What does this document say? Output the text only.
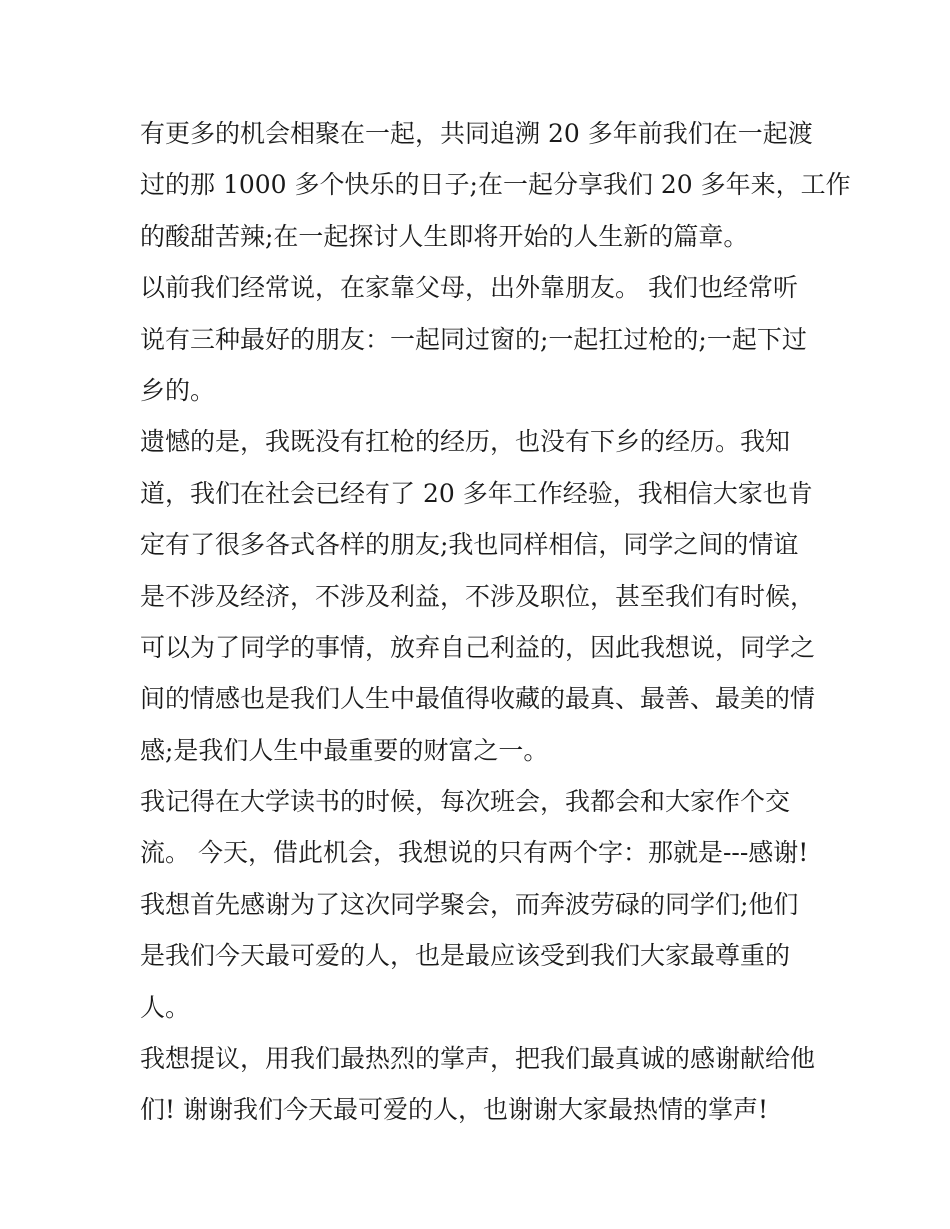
有更多的机会相聚在一起，共同追溯 20 多年前我们在一起渡
过的那 1000 多个快乐的日子;在一起分享我们 20 多年来，工作
的酸甜苦辣;在一起探讨人生即将开始的人生新的篇章。
以前我们经常说，在家靠父母，出外靠朋友。 我们也经常听
说有三种最好的朋友：一起同过窗的;一起扛过枪的;一起下过
乡的。
遗憾的是，我既没有扛枪的经历，也没有下乡的经历。我知
道，我们在社会已经有了 20 多年工作经验，我相信大家也肯
定有了很多各式各样的朋友;我也同样相信，同学之间的情谊
是不涉及经济，不涉及利益，不涉及职位，甚至我们有时候，
可以为了同学的事情，放弃自己利益的，因此我想说，同学之
间的情感也是我们人生中最值得收藏的最真、最善、最美的情
感;是我们人生中最重要的财富之一。
我记得在大学读书的时候，每次班会，我都会和大家作个交
流。 今天，借此机会，我想说的只有两个字：那就是---感谢!
我想首先感谢为了这次同学聚会，而奔波劳碌的同学们;他们
是我们今天最可爱的人，也是最应该受到我们大家最尊重的
人。
我想提议，用我们最热烈的掌声，把我们最真诚的感谢献给他
们! 谢谢我们今天最可爱的人，也谢谢大家最热情的掌声!
